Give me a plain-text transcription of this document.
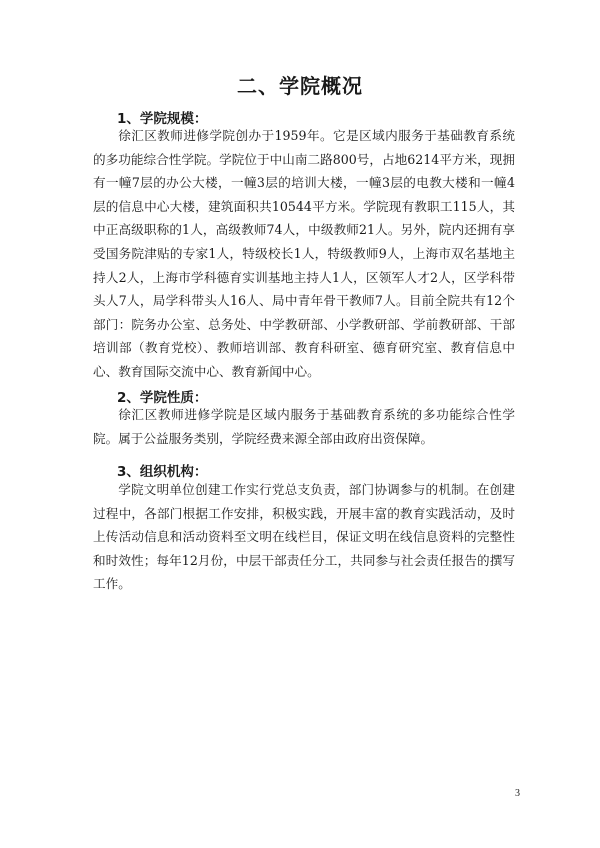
二、学院概况
1、学院规模：

徐汇区教师进修学院创办于1959年。它是区域内服务于基础教育系统的多功能综合性学院。学院位于中山南二路800号，占地6214平方米，现拥有一幢7层的办公大楼，一幢3层的培训大楼，一幢3层的电教大楼和一幢4层的信息中心大楼，建筑面积共10544平方米。学院现有教职工115人，其中正高级职称的1人，高级教师74人，中级教师21人。另外，院内还拥有享受国务院津贴的专家1人，特级校长1人，特级教师9人，上海市双名基地主持人2人，上海市学科德育实训基地主持人1人，区领军人才2人，区学科带头人7人，局学科带头人16人、局中青年骨干教师7人。目前全院共有12个部门：院务办公室、总务处、中学教研部、小学教研部、学前教研部、干部培训部（教育党校）、教师培训部、教育科研室、德育研究室、教育信息中心、教育国际交流中心、教育新闻中心。

2、学院性质：

徐汇区教师进修学院是区域内服务于基础教育系统的多功能综合性学院。属于公益服务类别，学院经费来源全部由政府出资保障。

3、组织机构：

学院文明单位创建工作实行党总支负责，部门协调参与的机制。在创建过程中，各部门根据工作安排，积极实践，开展丰富的教育实践活动，及时上传活动信息和活动资料至文明在线栏目，保证文明在线信息资料的完整性和时效性；每年12月份，中层干部责任分工，共同参与社会责任报告的撰写工作。

3
